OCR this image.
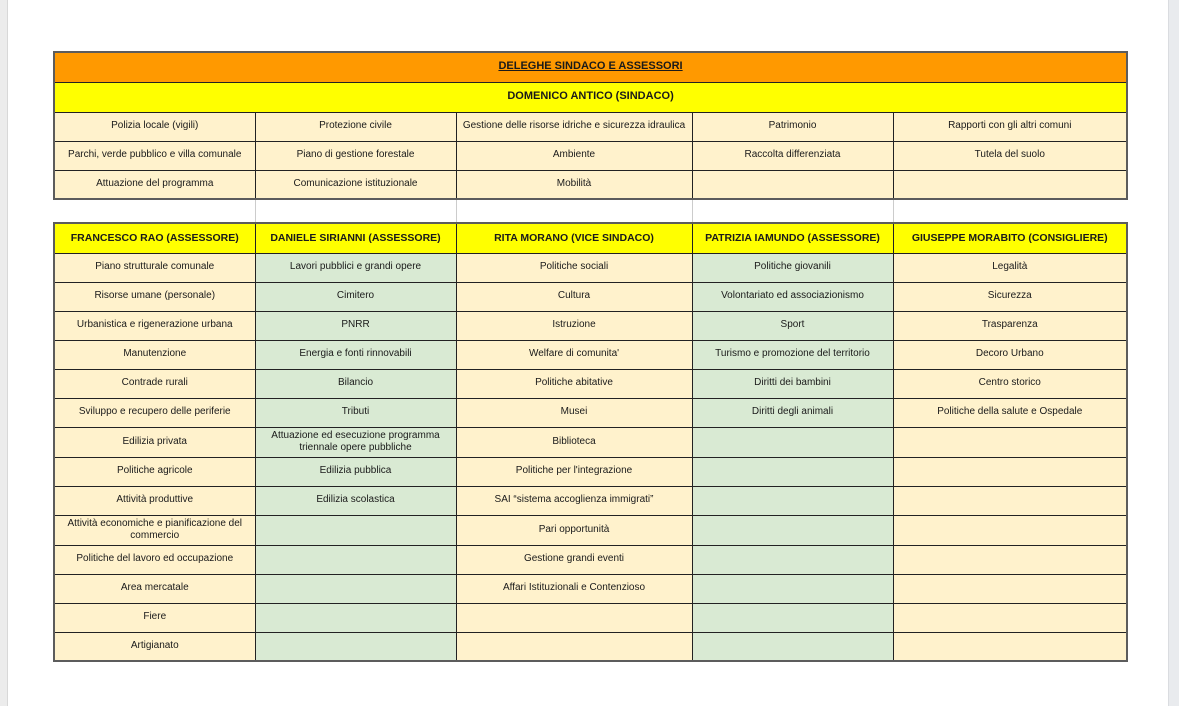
DELEGHE SINDACO E ASSESSORI				
DOMENICO ANTICO (SINDACO)				
Polizia locale (vigili)	Protezione civile	Gestione delle risorse idriche e sicurezza idraulica	Patrimonio	Rapporti con gli altri comuni
Parchi, verde pubblico e villa comunale	Piano di gestione forestale	Ambiente	Raccolta differenziata	Tutela del suolo
Attuazione del programma	Comunicazione istituzionale	Mobilità		
FRANCESCO RAO (ASSESSORE)	DANIELE SIRIANNI (ASSESSORE)	RITA MORANO (VICE SINDACO)	PATRIZIA IAMUNDO (ASSESSORE)	GIUSEPPE MORABITO (CONSIGLIERE)
Piano strutturale comunale	Lavori pubblici e grandi opere	Politiche sociali	Politiche giovanili	Legalità
Risorse umane (personale)	Cimitero	Cultura	Volontariato ed associazionismo	Sicurezza
Urbanistica e rigenerazione urbana	PNRR	Istruzione	Sport	Trasparenza
Manutenzione	Energia e fonti rinnovabili	Welfare di comunita'	Turismo e promozione del territorio	Decoro Urbano
Contrade rurali	Bilancio	Politiche abitative	Diritti dei bambini	Centro storico
Sviluppo e recupero delle periferie	Tributi	Musei	Diritti degli animali	Politiche della salute e Ospedale
Edilizia privata	Attuazione ed esecuzione programma triennale opere pubbliche	Biblioteca		
Politiche agricole	Edilizia pubblica	Politiche per l'integrazione		
Attività produttive	Edilizia scolastica	SAI “sistema accoglienza immigrati”		
Attività economiche e pianificazione del commercio		Pari opportunità		
Politiche del lavoro ed occupazione		Gestione grandi eventi		
Area mercatale		Affari Istituzionali e Contenzioso		
Fiere				
Artigianato				
